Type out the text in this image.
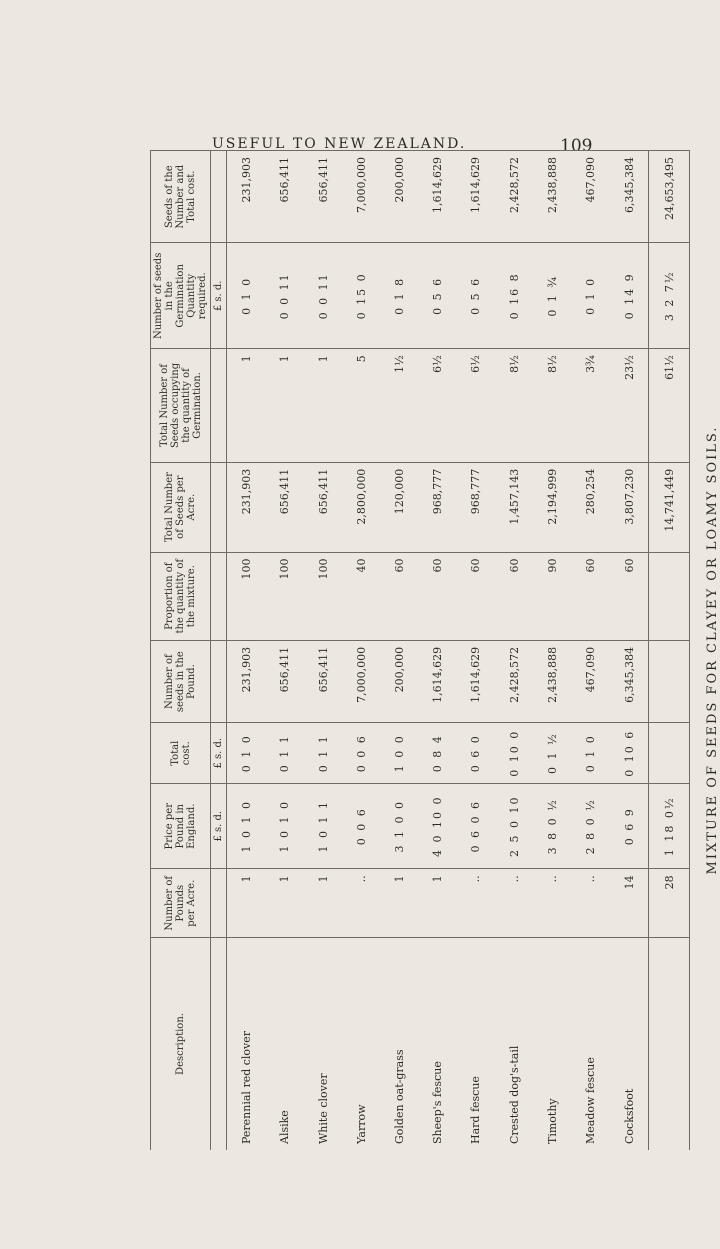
USEFUL TO NEW ZEALAND.	109
Description.	Number of Pounds per Acre.	Price per Pound in England.	Total cost.	Number of seeds in the Pound.	Proportion of the quantity of the mixture.	Total Number of Seeds per Acre.	Total Number of Seeds occupying the quantity of Germination.	Number of seeds in the Germination Quantity required.	Seeds of the Number and Total cost.
		£ s. d.	£ s. d.					£ s. d.	
Perennial red clover	1	1 0 1 0	0 1 0	231,903	100	231,903	1	0 1 0	231,903
Alsike	1	1 0 1 0	0 1 1	656,411	100	656,411	1	0 0 11	656,411
White clover	1	1 0 1 1	0 1 1	656,411	100	656,411	1	0 0 11	656,411
Yarrow	..	0 0 6	0 0 6	7,000,000	40	2,800,000	5	0 15 0	7,000,000
Golden oat-grass	1	3 1 0 0	1 0 0	200,000	60	120,000	1½	0 1 8	200,000
Sheep's fescue	1	4 0 10 0	0 8 4	1,614,629	60	968,777	6½	0 5 6	1,614,629
Hard fescue	..	0 6 0 6	0 6 0	1,614,629	60	968,777	6½	0 5 6	1,614,629
Crested dog's-tail	..	2 5 0 10	0 10 0	2,428,572	60	1,457,143	8½	0 16 8	2,428,572
Timothy	..	3 8 0 ½	0 1 ½	2,438,888	90	2,194,999	8½	0 1 ¾	2,438,888
Meadow fescue	..	2 8 0 ½	0 1 0	467,090	60	280,254	3¾	0 1 0	467,090
Cocksfoot	14	0 6 9	0 10 6	6,345,384	60	3,807,230	23½	0 14 9	6,345,384
	28	1 18 0½				14,741,449	61½	3 2 7½	24,653,495
MIXTURE OF SEEDS FOR CLAYEY OR LOAMY SOILS.
